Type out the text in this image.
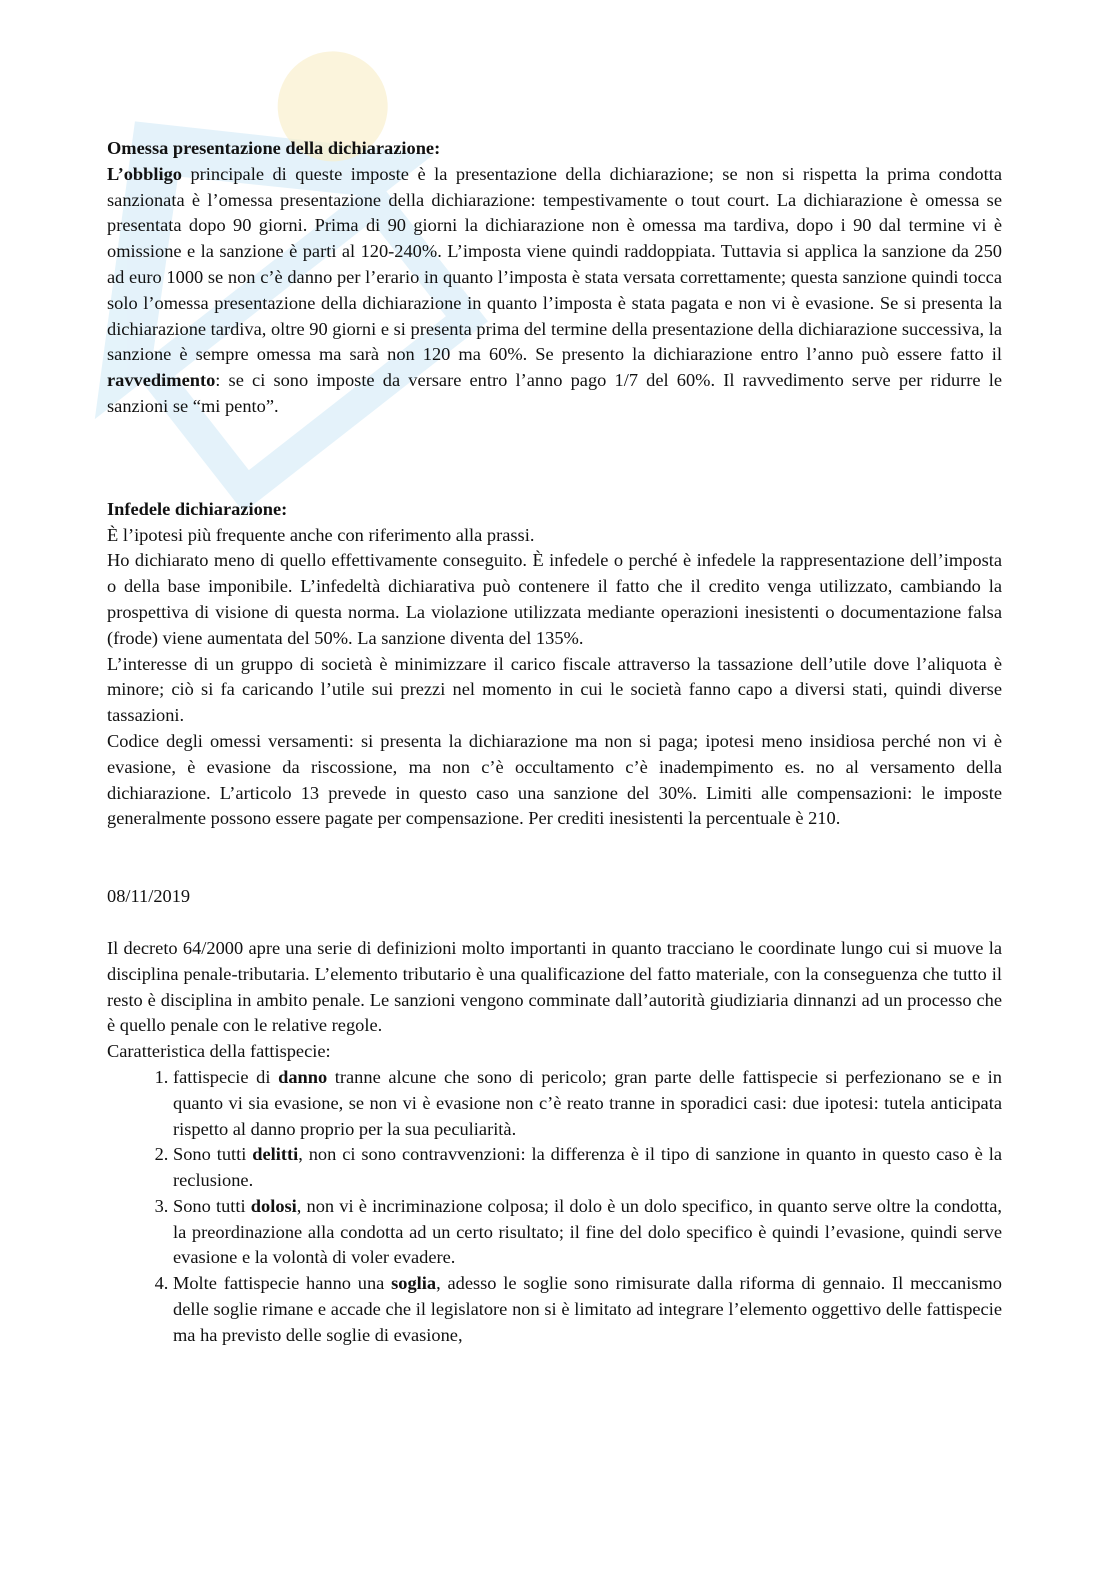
Omessa presentazione della dichiarazione:

L’obbligo principale di queste imposte è la presentazione della dichiarazione; se non si rispetta la prima condotta sanzionata è l’omessa presentazione della dichiarazione: tempestivamente o tout court. La dichiarazione è omessa se presentata dopo 90 giorni. Prima di 90 giorni la dichiarazione non è omessa ma tardiva, dopo i 90 dal termine vi è omissione e la sanzione è parti al 120-240%. L’imposta viene quindi raddoppiata. Tuttavia si applica la sanzione da 250 ad euro 1000 se non c’è danno per l’erario in quanto l’imposta è stata versata correttamente; questa sanzione quindi tocca solo l’omessa presentazione della dichiarazione in quanto l’imposta è stata pagata e non vi è evasione. Se si presenta la dichiarazione tardiva, oltre 90 giorni e si presenta prima del termine della presentazione della dichiarazione successiva, la sanzione è sempre omessa ma sarà non 120 ma 60%. Se presento la dichiarazione entro l’anno può essere fatto il ravvedimento: se ci sono imposte da versare entro l’anno pago 1/7 del 60%. Il ravvedimento serve per ridurre le sanzioni se “mi pento”.

Infedele dichiarazione:

È l’ipotesi più frequente anche con riferimento alla prassi.

Ho dichiarato meno di quello effettivamente conseguito. È infedele o perché è infedele la rappresentazione dell’imposta o della base imponibile. L’infedeltà dichiarativa può contenere il fatto che il credito venga utilizzato, cambiando la prospettiva di visione di questa norma. La violazione utilizzata mediante operazioni inesistenti o documentazione falsa (frode) viene aumentata del 50%. La sanzione diventa del 135%.

L’interesse di un gruppo di società è minimizzare il carico fiscale attraverso la tassazione dell’utile dove l’aliquota è minore; ciò si fa caricando l’utile sui prezzi nel momento in cui le società fanno capo a diversi stati, quindi diverse tassazioni.

Codice degli omessi versamenti: si presenta la dichiarazione ma non si paga; ipotesi meno insidiosa perché non vi è evasione, è evasione da riscossione, ma non c’è occultamento c’è inadempimento es. no al versamento della dichiarazione. L’articolo 13 prevede in questo caso una sanzione del 30%. Limiti alle compensazioni: le imposte generalmente possono essere pagate per compensazione. Per crediti inesistenti la percentuale è 210.

08/11/2019

Il decreto 64/2000 apre una serie di definizioni molto importanti in quanto tracciano le coordinate lungo cui si muove la disciplina penale-tributaria. L’elemento tributario è una qualificazione del fatto materiale, con la conseguenza che tutto il resto è disciplina in ambito penale. Le sanzioni vengono comminate dall’autorità giudiziaria dinnanzi ad un processo che è quello penale con le relative regole.

Caratteristica della fattispecie:

1. fattispecie di danno tranne alcune che sono di pericolo; gran parte delle fattispecie si perfezionano se e in quanto vi sia evasione, se non vi è evasione non c’è reato tranne in sporadici casi: due ipotesi: tutela anticipata rispetto al danno proprio per la sua peculiarità.
2. Sono tutti delitti, non ci sono contravvenzioni: la differenza è il tipo di sanzione in quanto in questo caso è la reclusione.
3. Sono tutti dolosi, non vi è incriminazione colposa; il dolo è un dolo specifico, in quanto serve oltre la condotta, la preordinazione alla condotta ad un certo risultato; il fine del dolo specifico è quindi l’evasione, quindi serve evasione e la volontà di voler evadere.
4. Molte fattispecie hanno una soglia, adesso le soglie sono rimisurate dalla riforma di gennaio. Il meccanismo delle soglie rimane e accade che il legislatore non si è limitato ad integrare l’elemento oggettivo delle fattispecie ma ha previsto delle soglie di evasione,
